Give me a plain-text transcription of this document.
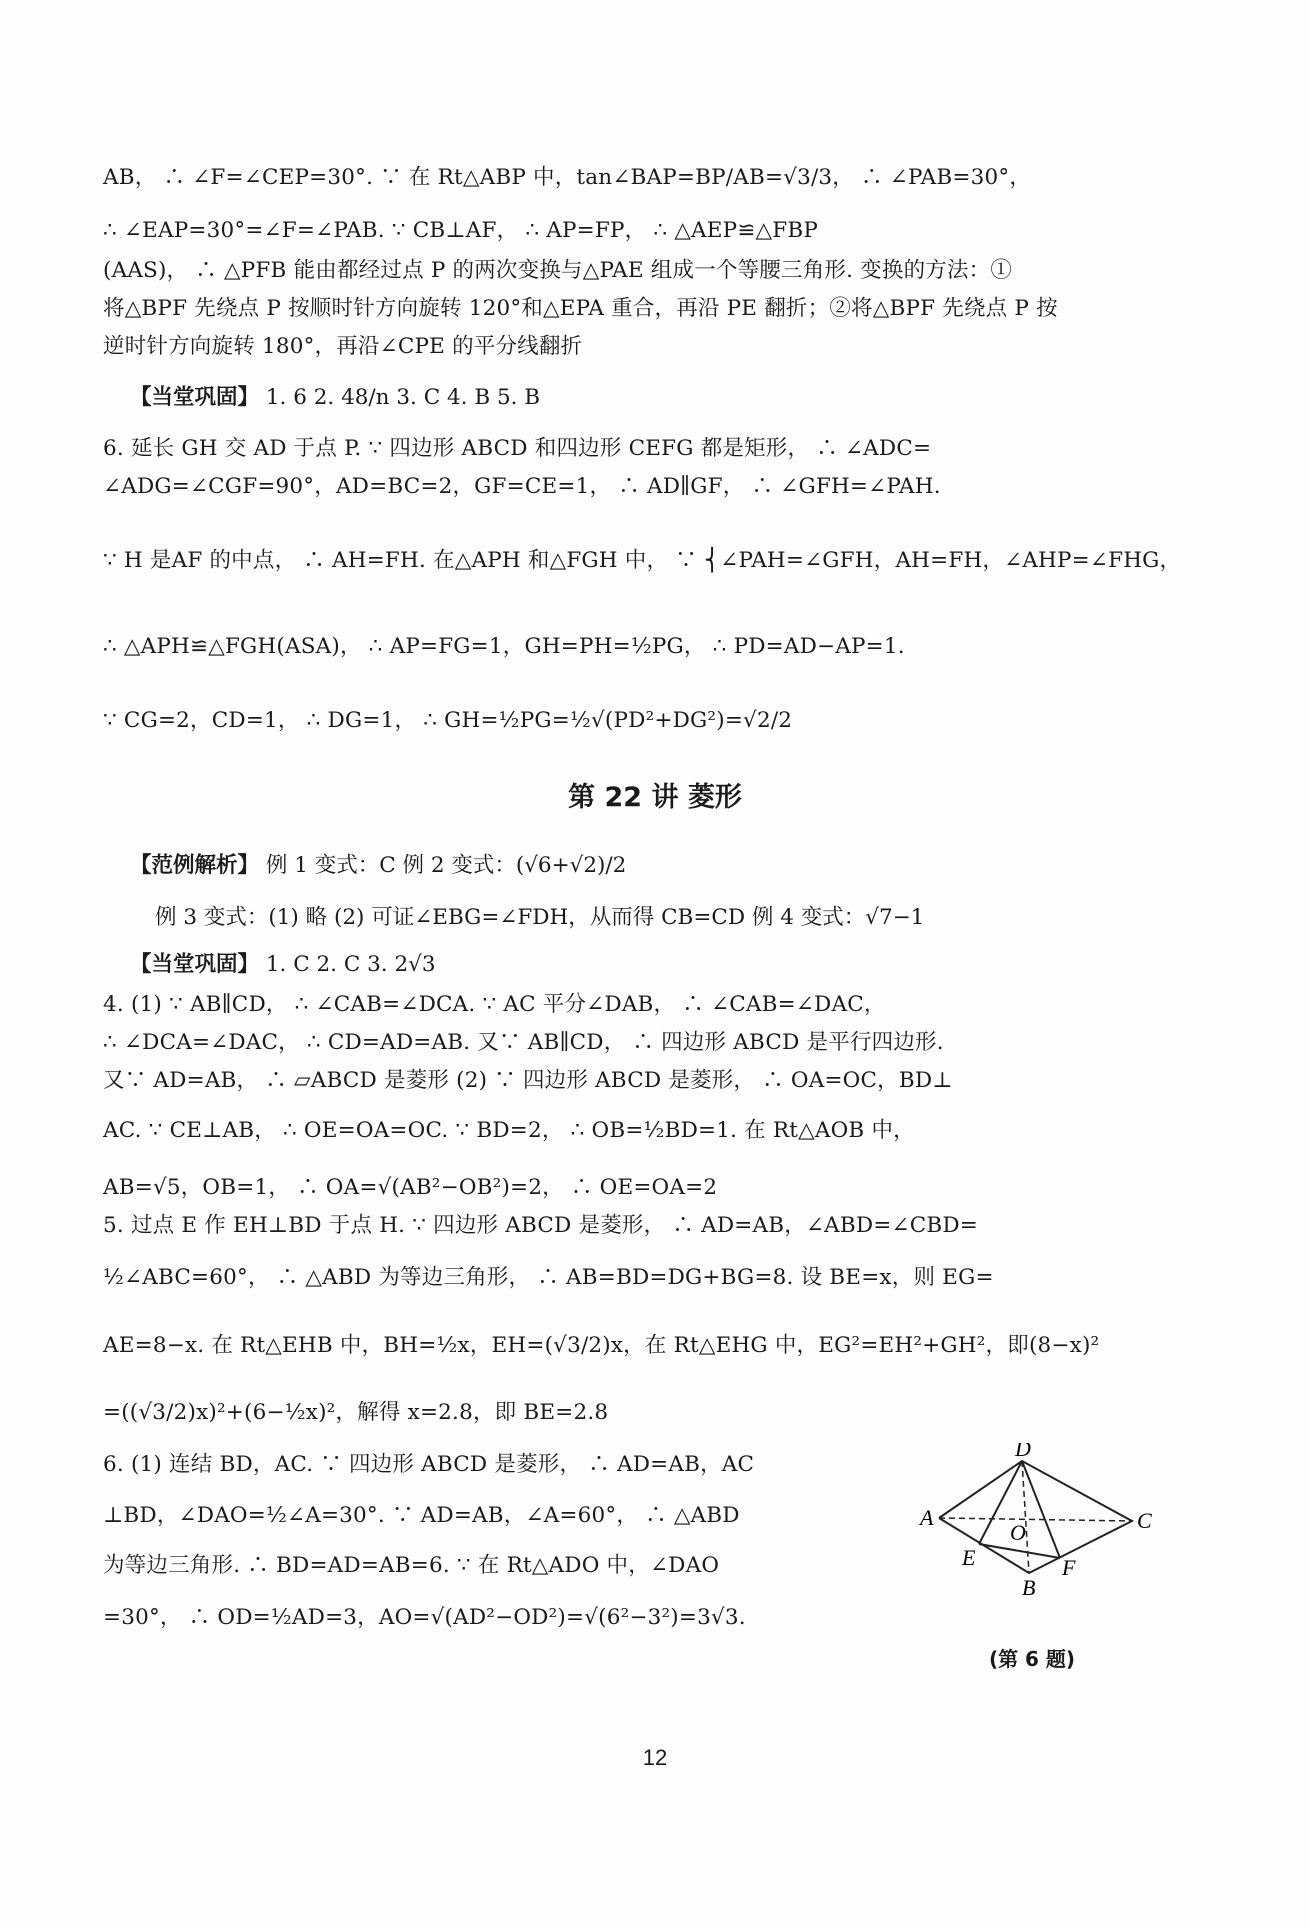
AB， ∴ ∠F=∠CEP=30°. ∵ 在 Rt△ABP 中，tan∠BAP=BP/AB=√3/3， ∴ ∠PAB=30°，
∴ ∠EAP=30°=∠F=∠PAB. ∵ CB⊥AF， ∴ AP=FP， ∴ △AEP≌△FBP
(AAS)， ∴ △PFB 能由都经过点 P 的两次变换与△PAE 组成一个等腰三角形. 变换的方法：①
将△BPF 先绕点 P 按顺时针方向旋转 120°和△EPA 重合，再沿 PE 翻折；②将△BPF 先绕点 P 按
逆时针方向旋转 180°，再沿∠CPE 的平分线翻折
【当堂巩固】 1. 6 2. 48/n 3. C 4. B 5. B
6. 延长 GH 交 AD 于点 P. ∵ 四边形 ABCD 和四边形 CEFG 都是矩形， ∴ ∠ADC=
∠ADG=∠CGF=90°，AD=BC=2，GF=CE=1， ∴ AD∥GF， ∴ ∠GFH=∠PAH.
∵ H 是AF 的中点， ∴ AH=FH. 在△APH 和△FGH 中， ∵ ⎨∠PAH=∠GFH，AH=FH，∠AHP=∠FHG，
∴ △APH≌△FGH(ASA)， ∴ AP=FG=1，GH=PH=½PG， ∴ PD=AD−AP=1.
∵ CG=2，CD=1， ∴ DG=1， ∴ GH=½PG=½√(PD²+DG²)=√2/2
第 22 讲 菱形
【范例解析】 例 1 变式：C 例 2 变式：(√6+√2)/2
例 3 变式：(1) 略 (2) 可证∠EBG=∠FDH，从而得 CB=CD 例 4 变式：√7−1
【当堂巩固】 1. C 2. C 3. 2√3
4. (1) ∵ AB∥CD， ∴ ∠CAB=∠DCA. ∵ AC 平分∠DAB， ∴ ∠CAB=∠DAC，
∴ ∠DCA=∠DAC， ∴ CD=AD=AB. 又∵ AB∥CD， ∴ 四边形 ABCD 是平行四边形.
又∵ AD=AB， ∴ ▱ABCD 是菱形 (2) ∵ 四边形 ABCD 是菱形， ∴ OA=OC，BD⊥
AC. ∵ CE⊥AB， ∴ OE=OA=OC. ∵ BD=2， ∴ OB=½BD=1. 在 Rt△AOB 中，
AB=√5，OB=1， ∴ OA=√(AB²−OB²)=2， ∴ OE=OA=2
5. 过点 E 作 EH⊥BD 于点 H. ∵ 四边形 ABCD 是菱形， ∴ AD=AB，∠ABD=∠CBD=
½∠ABC=60°， ∴ △ABD 为等边三角形， ∴ AB=BD=DG+BG=8. 设 BE=x，则 EG=
AE=8−x. 在 Rt△EHB 中，BH=½x，EH=(√3/2)x，在 Rt△EHG 中，EG²=EH²+GH²，即(8−x)²
=((√3/2)x)²+(6−½x)²，解得 x=2.8，即 BE=2.8
6. (1) 连结 BD，AC. ∵ 四边形 ABCD 是菱形， ∴ AD=AB，AC
⊥BD，∠DAO=½∠A=30°. ∵ AD=AB，∠A=60°， ∴ △ABD
为等边三角形. ∴ BD=AD=AB=6. ∵ 在 Rt△ADO 中，∠DAO
=30°， ∴ OD=½AD=3，AO=√(AD²−OD²)=√(6²−3²)=3√3.
D
A	C
O
E	F
B
(第 6 题)
12
